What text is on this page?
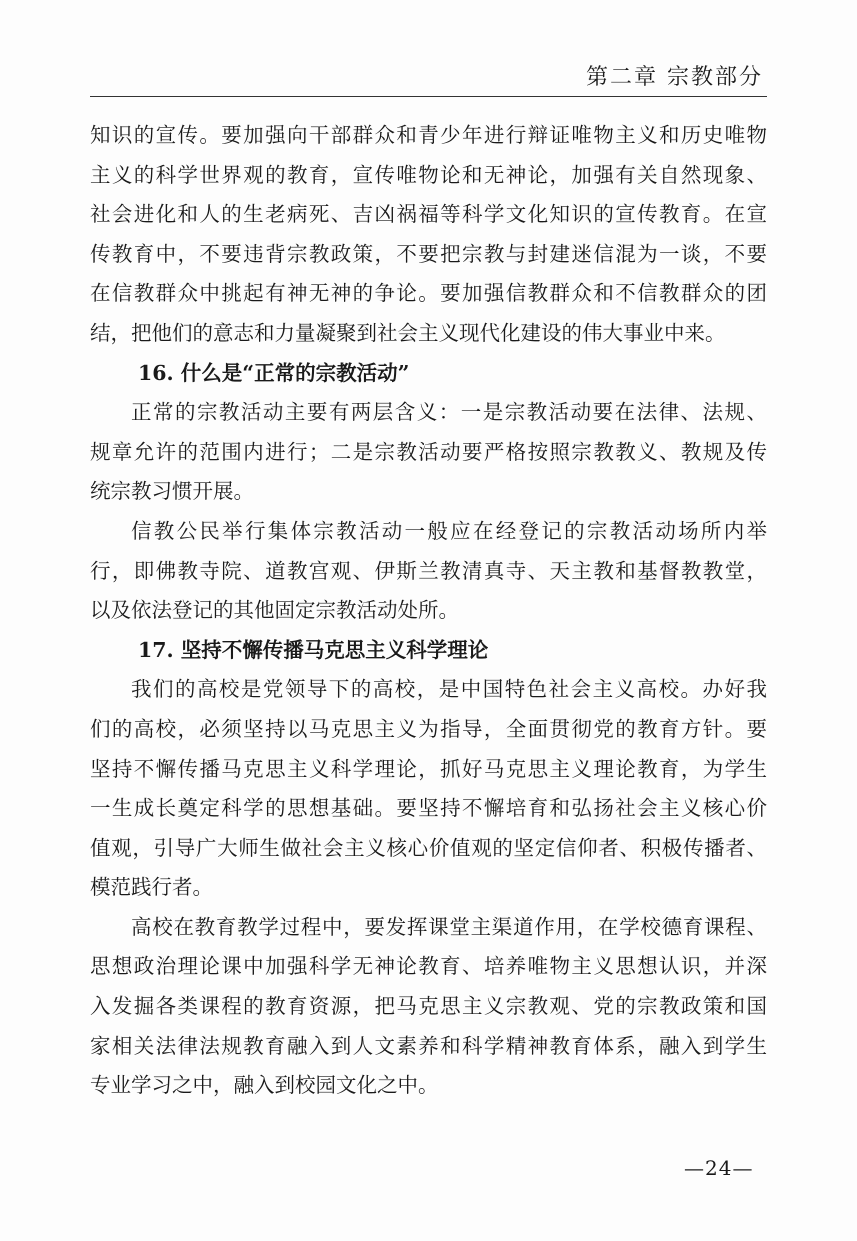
第二章 宗教部分
知识的宣传。要加强向干部群众和青少年进行辩证唯物主义和历史唯物
主义的科学世界观的教育，宣传唯物论和无神论，加强有关自然现象、
社会进化和人的生老病死、吉凶祸福等科学文化知识的宣传教育。在宣
传教育中，不要违背宗教政策，不要把宗教与封建迷信混为一谈，不要
在信教群众中挑起有神无神的争论。要加强信教群众和不信教群众的团
结，把他们的意志和力量凝聚到社会主义现代化建设的伟大事业中来。
16. 什么是“正常的宗教活动”
正常的宗教活动主要有两层含义：一是宗教活动要在法律、法规、
规章允许的范围内进行；二是宗教活动要严格按照宗教教义、教规及传
统宗教习惯开展。
信教公民举行集体宗教活动一般应在经登记的宗教活动场所内举
行，即佛教寺院、道教宫观、伊斯兰教清真寺、天主教和基督教教堂，
以及依法登记的其他固定宗教活动处所。
17. 坚持不懈传播马克思主义科学理论
我们的高校是党领导下的高校，是中国特色社会主义高校。办好我
们的高校，必须坚持以马克思主义为指导，全面贯彻党的教育方针。要
坚持不懈传播马克思主义科学理论，抓好马克思主义理论教育，为学生
一生成长奠定科学的思想基础。要坚持不懈培育和弘扬社会主义核心价
值观，引导广大师生做社会主义核心价值观的坚定信仰者、积极传播者、
模范践行者。
高校在教育教学过程中，要发挥课堂主渠道作用，在学校德育课程、
思想政治理论课中加强科学无神论教育、培养唯物主义思想认识，并深
入发掘各类课程的教育资源，把马克思主义宗教观、党的宗教政策和国
家相关法律法规教育融入到人文素养和科学精神教育体系，融入到学生
专业学习之中，融入到校园文化之中。
—24—
